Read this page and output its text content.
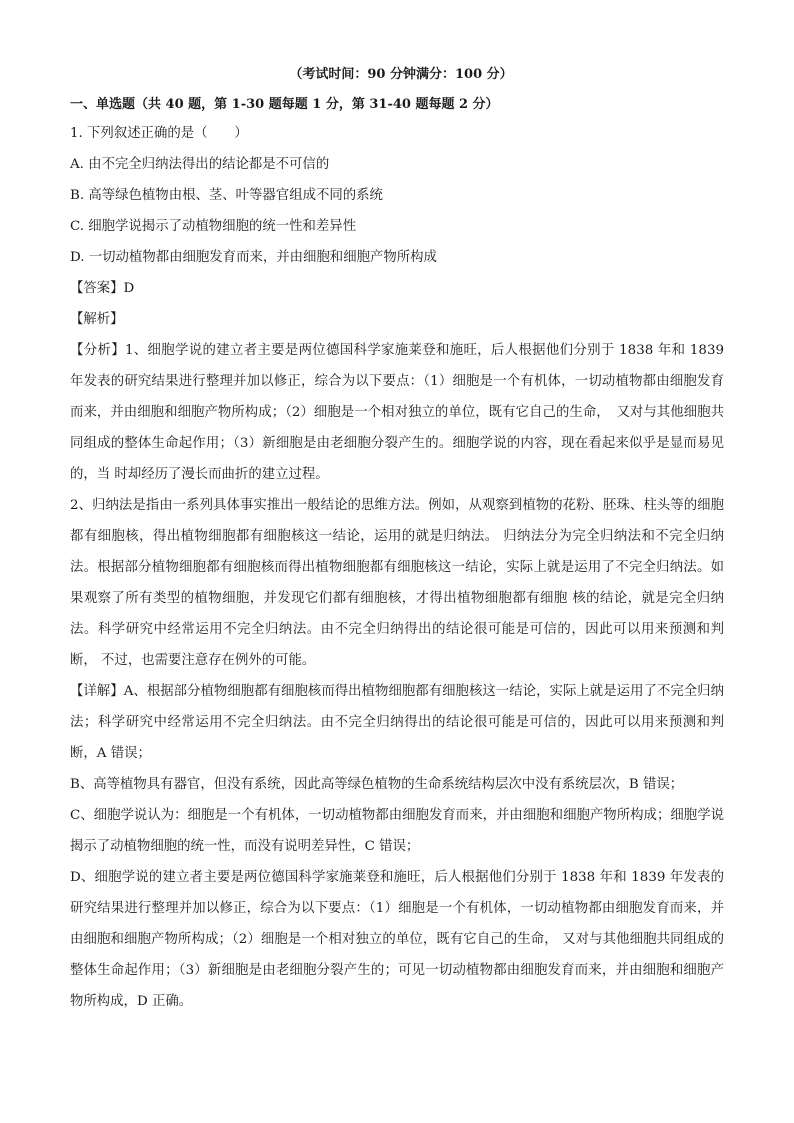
（考试时间：90 分钟满分：100 分）
一、单选题（共 40 题，第 1-30 题每题 1 分，第 31-40 题每题 2 分）
1. 下列叙述正确的是（　　）
A. 由不完全归纳法得出的结论都是不可信的
B. 高等绿色植物由根、茎、叶等器官组成不同的系统
C. 细胞学说揭示了动植物细胞的统一性和差异性
D. 一切动植物都由细胞发育而来，并由细胞和细胞产物所构成
【答案】D
【解析】
【分析】1、细胞学说的建立者主要是两位德国科学家施莱登和施旺，后人根据他们分别于 1838 年和 1839 年发表的研究结果进行整理并加以修正，综合为以下要点：（1）细胞是一个有机体，一切动植物都由细胞发育而来，并由细胞和细胞产物所构成；（2）细胞是一个相对独立的单位，既有它自己的生命，　又对与其他细胞共同组成的整体生命起作用；（3）新细胞是由老细胞分裂产生的。细胞学说的内容，现在看起来似乎是显而易见的，当 时却经历了漫长而曲折的建立过程。
2、归纳法是指由一系列具体事实推出一般结论的思维方法。例如，从观察到植物的花粉、胚珠、柱头等的细胞都有细胞核，得出植物细胞都有细胞核这一结论，运用的就是归纳法。 归纳法分为完全归纳法和不完全归纳法。根据部分植物细胞都有细胞核而得出植物细胞都有细胞核这一结论，实际上就是运用了不完全归纳法。如果观察了所有类型的植物细胞，并发现它们都有细胞核，才得出植物细胞都有细胞 核的结论，就是完全归纳法。科学研究中经常运用不完全归纳法。由不完全归纳得出的结论很可能是可信的，因此可以用来预测和判断， 不过，也需要注意存在例外的可能。
【详解】A、根据部分植物细胞都有细胞核而得出植物细胞都有细胞核这一结论，实际上就是运用了不完全归纳法；科学研究中经常运用不完全归纳法。由不完全归纳得出的结论很可能是可信的，因此可以用来预测和判断，A 错误；
B、高等植物具有器官，但没有系统，因此高等绿色植物的生命系统结构层次中没有系统层次，B 错误；
C、细胞学说认为：细胞是一个有机体，一切动植物都由细胞发育而来，并由细胞和细胞产物所构成；细胞学说揭示了动植物细胞的统一性，而没有说明差异性，C 错误；
D、细胞学说的建立者主要是两位德国科学家施莱登和施旺，后人根据他们分别于 1838 年和 1839 年发表的研究结果进行整理并加以修正，综合为以下要点：（1）细胞是一个有机体，一切动植物都由细胞发育而来，并由细胞和细胞产物所构成；（2）细胞是一个相对独立的单位，既有它自己的生命， 又对与其他细胞共同组成的整体生命起作用；（3）新细胞是由老细胞分裂产生的；可见一切动植物都由细胞发育而来，并由细胞和细胞产物所构成，D 正确。
